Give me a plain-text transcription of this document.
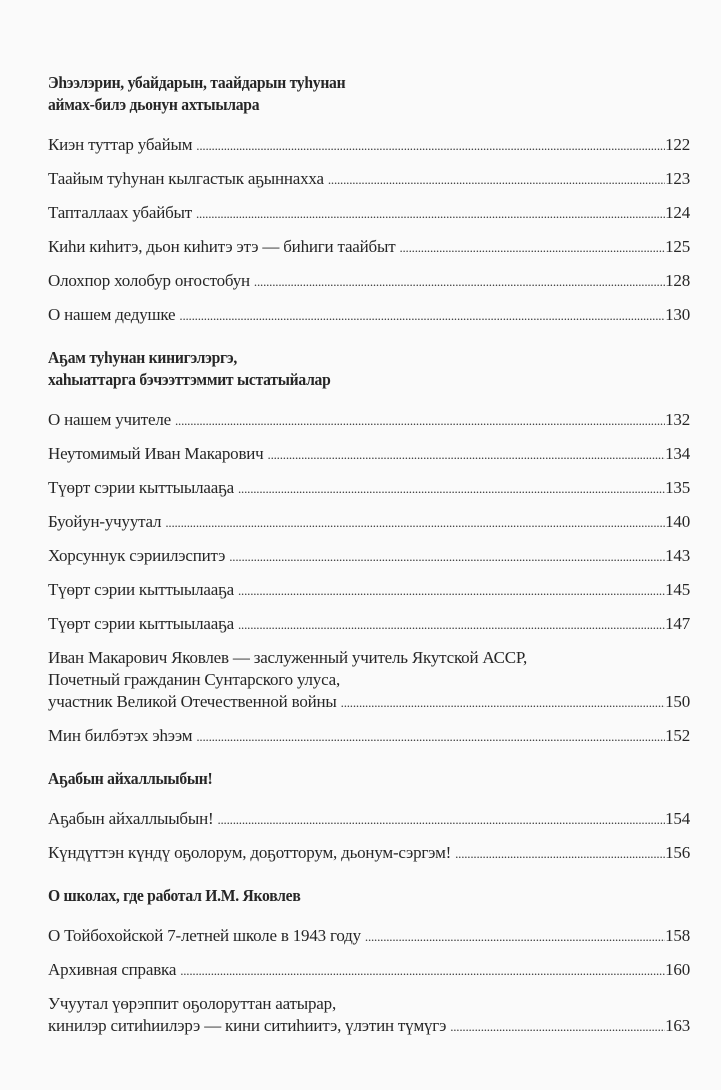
Эһээлэрин, убайдарын, таайдарын туһунан
аймах-билэ дьонун ахтыылара
Киэн туттар убайым .....	122
Таайым туһунан кылгастык аҕыннахха .....	123
Тапталлаах убайбыт .....	124
Киһи киһитэ, дьон киһитэ этэ — биһиги таайбыт .....	125
Олохпор холобур оҥостобун .....	128
О нашем дедушке .....	130
Аҕам туһунан кинигэлэргэ,
хаһыаттарга бэчээттэммит ыстатыйалар
О нашем учителе .....	132
Неутомимый Иван Макарович .....	134
Түөрт сэрии кыттыылааҕа .....	135
Буойун-учуутал .....	140
Хорсуннук сэриилэспитэ .....	143
Түөрт сэрии кыттыылааҕа .....	145
Түөрт сэрии кыттыылааҕа .....	147
Иван Макарович Яковлев — заслуженный учитель Якутской АССР,
Почетный гражданин Сунтарского улуса,
участник Великой Отечественной войны .....	150
Мин билбэтэх эһээм .....	152
Аҕабын айхаллыыбын!
Аҕабын айхаллыыбын! .....	154
Күндүттэн күндү оҕолорум, доҕотторум, дьонум-сэргэм! .....	156
О школах, где работал И.М. Яковлев
О Тойбохойской 7-летней школе в 1943 году .....	158
Архивная справка .....	160
Учуутал үөрэппит оҕолоруттан аатырар,
кинилэр ситиһиилэрэ — кини ситиһиитэ, үлэтин түмүгэ .....	163
